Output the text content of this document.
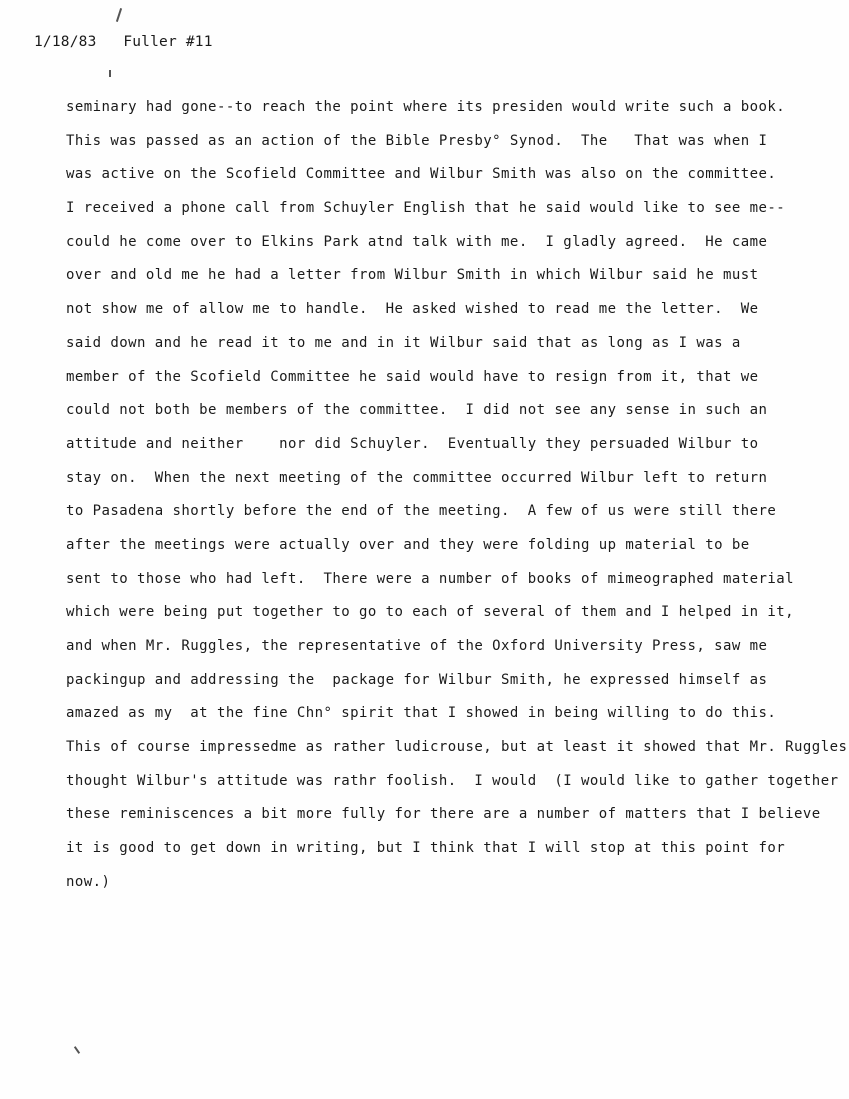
1/18/83 Fuller #11
seminary had gone--to reach the point where its presiden would write such a book.
This was passed as an action of the Bible Presby° Synod.  The   That was when I
was active on the Scofield Committee and Wilbur Smith was also on the committee.
I received a phone call from Schuyler English that he said would like to see me--
could he come over to Elkins Park atnd talk with me.  I gladly agreed.  He came
over and old me he had a letter from Wilbur Smith in which Wilbur said he must
not show me of allow me to handle.  He asked wished to read me the letter.  We
said down and he read it to me and in it Wilbur said that as long as I was a
member of the Scofield Committee he said would have to resign from it, that we
could not both be members of the committee.  I did not see any sense in such an
attitude and neither    nor did Schuyler.  Eventually they persuaded Wilbur to
stay on.  When the next meeting of the committee occurred Wilbur left to return
to Pasadena shortly before the end of the meeting.  A few of us were still there
after the meetings were actually over and they were folding up material to be
sent to those who had left.  There were a number of books of mimeographed material
which were being put together to go to each of several of them and I helped in it,
and when Mr. Ruggles, the representative of the Oxford University Press, saw me
packingup and addressing the  package for Wilbur Smith, he expressed himself as
amazed as my  at the fine Chn° spirit that I showed in being willing to do this.
This of course impressedme as rather ludicrouse, but at least it showed that Mr. Ruggles
thought Wilbur's attitude was rathr foolish.  I would  (I would like to gather together
these reminiscences a bit more fully for there are a number of matters that I believe
it is good to get down in writing, but I think that I will stop at this point for
now.)
